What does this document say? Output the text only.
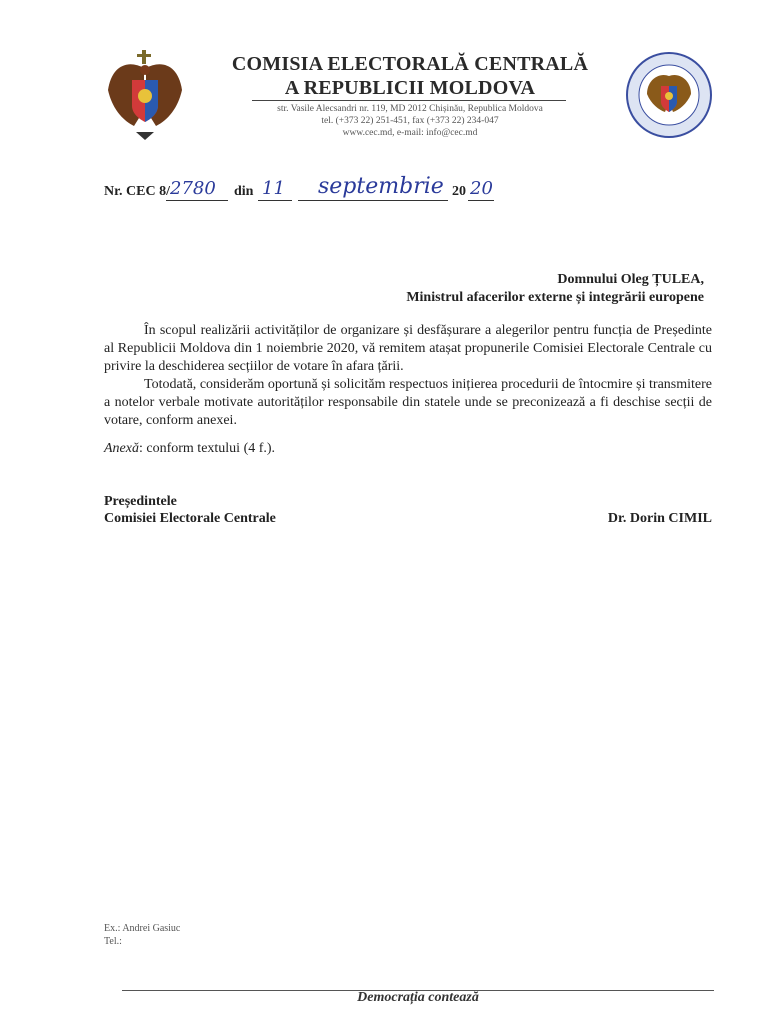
COMISIA ELECTORALĂ CENTRALĂ
A REPUBLICII MOLDOVA
str. Vasile Alecsandri nr. 119, MD 2012 Chișinău, Republica Moldova
tel. (+373 22) 251-451, fax (+373 22) 234-047
www.cec.md, e-mail: info@cec.md
Nr. CEC 8/ 2780 din 11 septembrie 20 20
Domnului Oleg ȚULEA,
Ministrul afacerilor externe și integrării europene
În scopul realizării activităților de organizare și desfășurare a alegerilor pentru funcția de Președinte al Republicii Moldova din 1 noiembrie 2020, vă remitem atașat propunerile Comisiei Electorale Centrale cu privire la deschiderea secțiilor de votare în afara țării.
Totodată, considerăm oportună și solicităm respectuos inițierea procedurii de întocmire și transmitere a notelor verbale motivate autorităților responsabile din statele unde se preconizează a fi deschise secții de votare, conform anexei.
Anexă: conform textului (4 f.).
Președintele
Comisiei Electorale Centrale	Dr. Dorin CIMIL
Ex.: Andrei Gasiuc
Tel.:
Democrația contează
